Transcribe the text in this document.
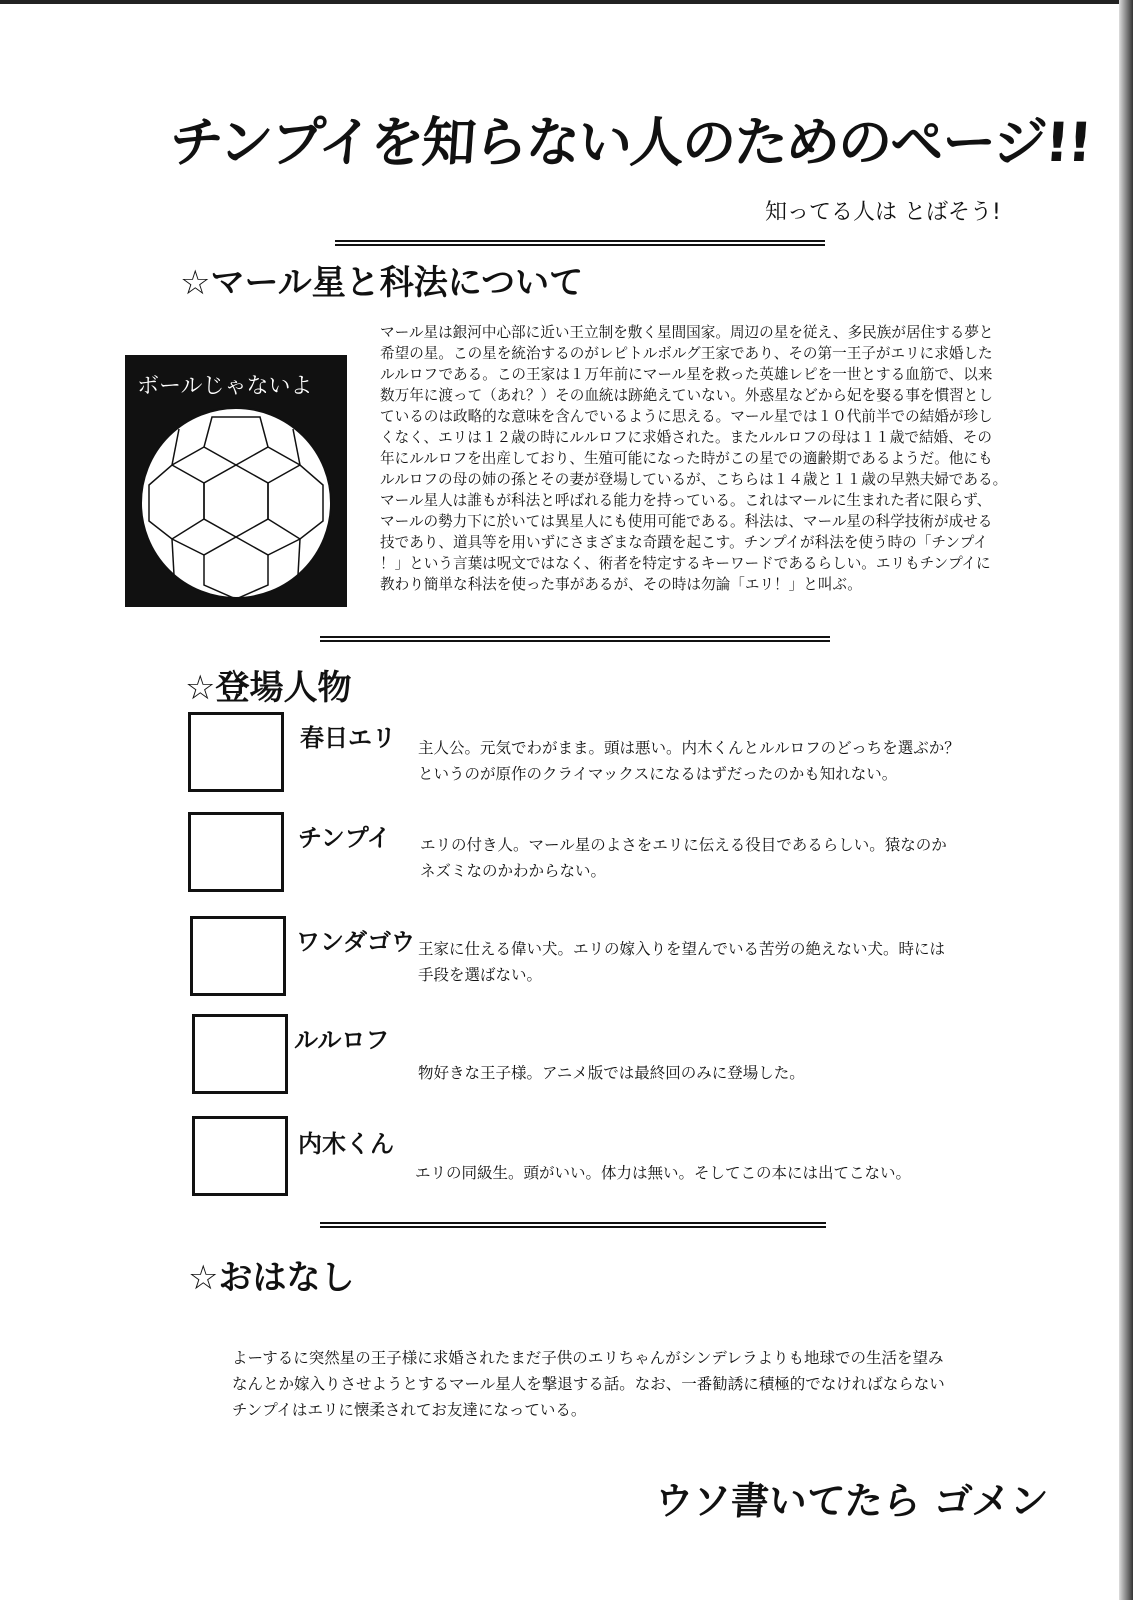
チンプイを知らない人のためのページ!!
知ってる人は とばそう!
☆マール星と科法について
ボールじゃないよ
マール星は銀河中心部に近い王立制を敷く星間国家。周辺の星を従え、多民族が居住する夢と
希望の星。この星を統治するのがレピトルボルグ王家であり、その第一王子がエリに求婚した
ルルロフである。この王家は１万年前にマール星を救った英雄レピを一世とする血筋で、以来
数万年に渡って（あれ？）その血統は跡絶えていない。外惑星などから妃を娶る事を慣習とし
ているのは政略的な意味を含んでいるように思える。マール星では１０代前半での結婚が珍し
くなく、エリは１２歳の時にルルロフに求婚された。またルルロフの母は１１歳で結婚、その
年にルルロフを出産しており、生殖可能になった時がこの星での適齢期であるようだ。他にも
ルルロフの母の姉の孫とその妻が登場しているが、こちらは１４歳と１１歳の早熟夫婦である。
マール星人は誰もが科法と呼ばれる能力を持っている。これはマールに生まれた者に限らず、
マールの勢力下に於いては異星人にも使用可能である。科法は、マール星の科学技術が成せる
技であり、道具等を用いずにさまざまな奇蹟を起こす。チンプイが科法を使う時の「チンプイ
！」という言葉は呪文ではなく、術者を特定するキーワードであるらしい。エリもチンプイに
教わり簡単な科法を使った事があるが、その時は勿論「エリ！」と叫ぶ。
☆登場人物
春日エリ 主人公。元気でわがまま。頭は悪い。内木くんとルルロフのどっちを選ぶか？
というのが原作のクライマックスになるはずだったのかも知れない。
チンプイ エリの付き人。マール星のよさをエリに伝える役目であるらしい。猿なのか
ネズミなのかわからない。
ワンダゴウ 王家に仕える偉い犬。エリの嫁入りを望んでいる苦労の絶えない犬。時には
手段を選ばない。
ルルロフ
物好きな王子様。アニメ版では最終回のみに登場した。
内木くん
エリの同級生。頭がいい。体力は無い。そしてこの本には出てこない。
☆おはなし
よーするに突然星の王子様に求婚されたまだ子供のエリちゃんがシンデレラよりも地球での生活を望み
なんとか嫁入りさせようとするマール星人を撃退する話。なお、一番勧誘に積極的でなければならない
チンプイはエリに懐柔されてお友達になっている。
ウソ書いてたら ゴメン
